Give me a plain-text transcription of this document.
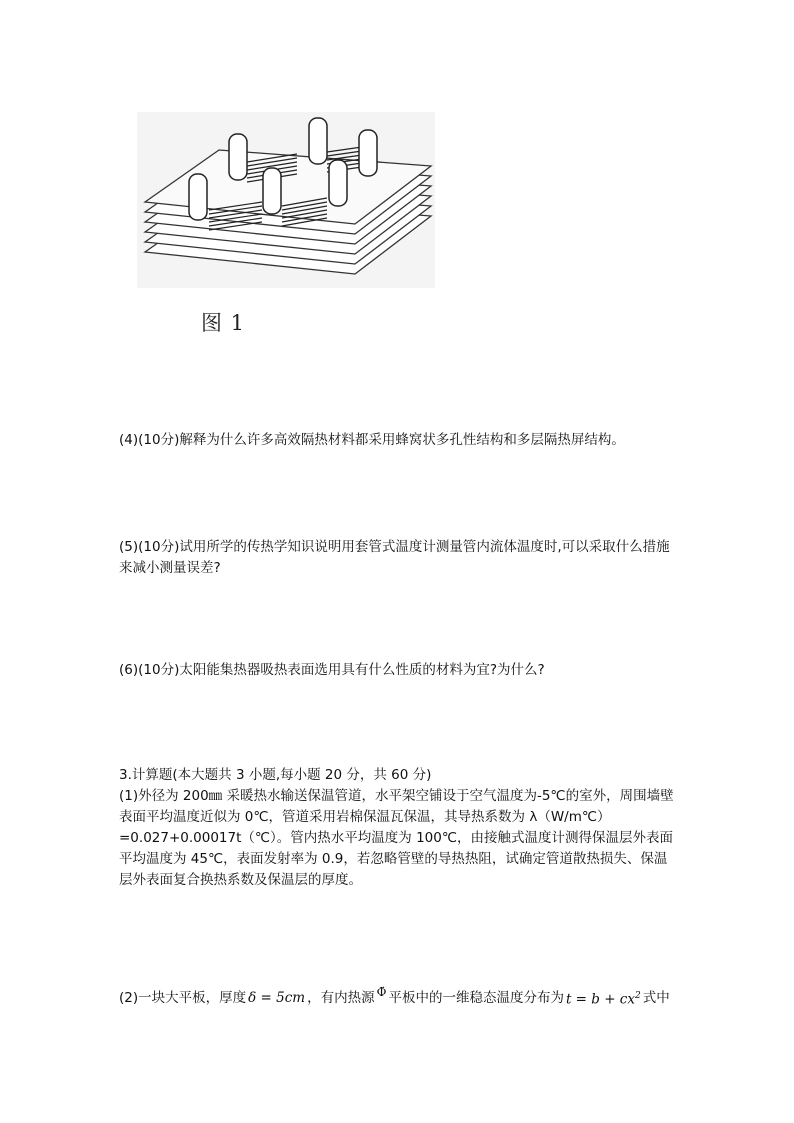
图 1

(4)(10分)解释为什么许多高效隔热材料都采用蜂窝状多孔性结构和多层隔热屏结构。

(5)(10分)试用所学的传热学知识说明用套管式温度计测量管内流体温度时,可以采取什么措施来减小测量误差?

(6)(10分)太阳能集热器吸热表面选用具有什么性质的材料为宜?为什么?

3.计算题(本大题共 3 小题,每小题 20 分，共 60 分)
(1)外径为 200㎜ 采暖热水输送保温管道，水平架空铺设于空气温度为-5℃的室外，周围墙壁表面平均温度近似为 0℃，管道采用岩棉保温瓦保温，其导热系数为 λ（W/m℃）=0.027+0.00017t（℃）。管内热水平均温度为 100℃，由接触式温度计测得保温层外表面平均温度为 45℃，表面发射率为 0.9，若忽略管壁的导热热阻，试确定管道散热损失、保温层外表面复合换热系数及保温层的厚度。
(2)一块大平板，厚度 δ = 5cm ，有内热源 Φ̇ 平板中的一维稳态温度分布为 $t = b + cx^2$ 式中
